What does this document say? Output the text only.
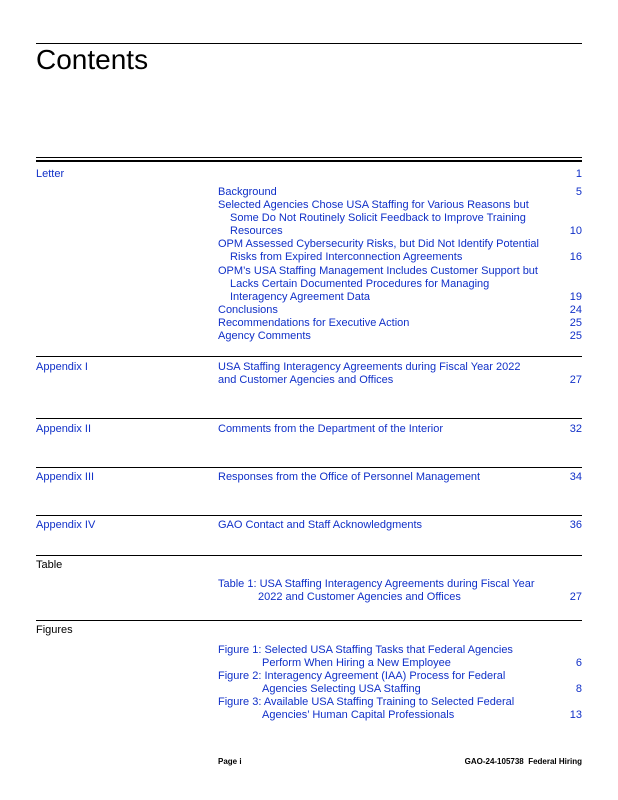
Contents
Letter	1
Background	5
Selected Agencies Chose USA Staffing for Various Reasons but
Some Do Not Routinely Solicit Feedback to Improve Training
Resources	10
OPM Assessed Cybersecurity Risks, but Did Not Identify Potential
Risks from Expired Interconnection Agreements	16
OPM’s USA Staffing Management Includes Customer Support but
Lacks Certain Documented Procedures for Managing
Interagency Agreement Data	19
Conclusions	24
Recommendations for Executive Action	25
Agency Comments	25
Appendix I	USA Staffing Interagency Agreements during Fiscal Year 2022
and Customer Agencies and Offices	27
Appendix II	Comments from the Department of the Interior	32
Appendix III	Responses from the Office of Personnel Management	34
Appendix IV	GAO Contact and Staff Acknowledgments	36
Table
Table 1: USA Staffing Interagency Agreements during Fiscal Year
2022 and Customer Agencies and Offices	27
Figures
Figure 1: Selected USA Staffing Tasks that Federal Agencies
Perform When Hiring a New Employee	6
Figure 2: Interagency Agreement (IAA) Process for Federal
Agencies Selecting USA Staffing	8
Figure 3: Available USA Staffing Training to Selected Federal
Agencies’ Human Capital Professionals	13
Page i	GAO-24-105738  Federal Hiring
